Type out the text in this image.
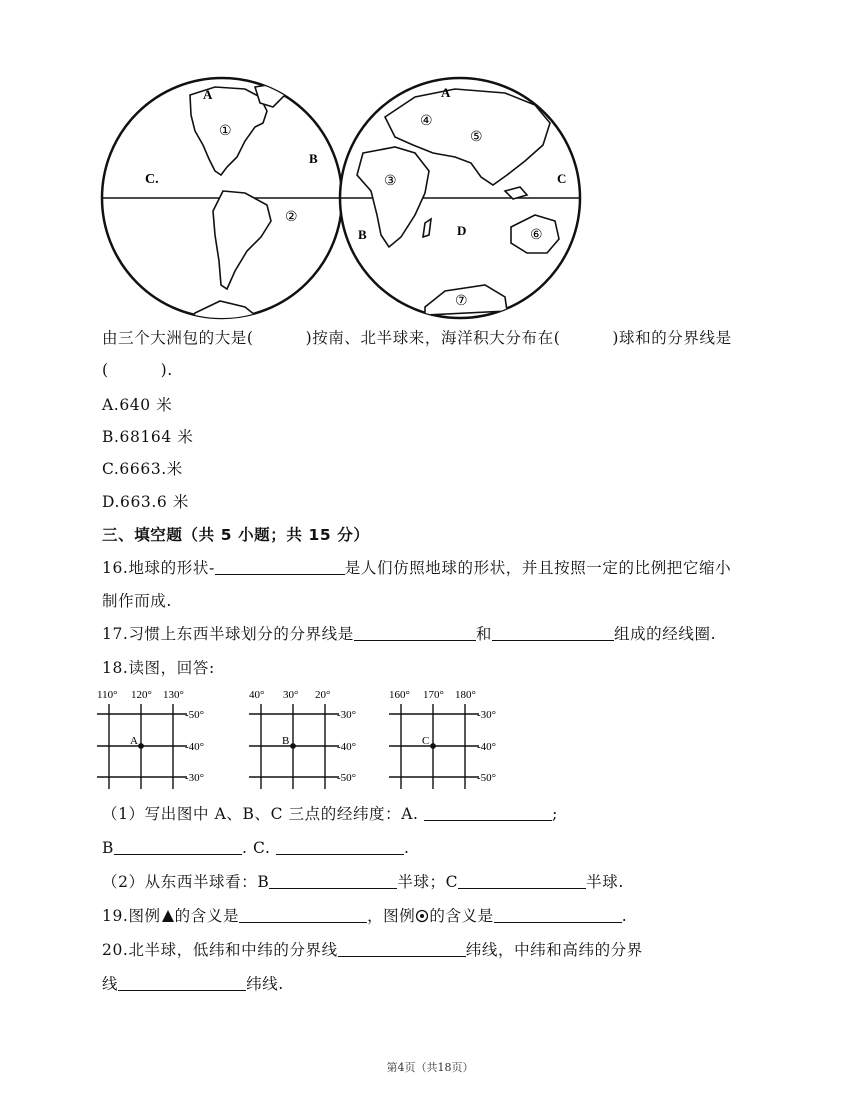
A
①
B
C.
②
A
④
⑤
③	C
B	D	⑥
⑦
由三个大洲包的大是(	)按南、北半球来，海洋积大分布在(	)球和的分界线是
(	).
A.640 米
B.68164 米
C.6663.米
D.663.6 米
三、填空题（共 5 小题；共 15 分）
16.地球的形状-	是人们仿照地球的形状，并且按照一定的比例把它缩小
制作而成.
17.习惯上东西半球划分的分界线是	和	组成的经线圈.
18.读图，回答:
110° 120° 130°
-50°
-40°
-30°
A
40° 30° 20°
-30°
-40°
-50°
B
160° 170° 180°
-30°
-40°
-50°
C
（1）写出图中 A、B、C 三点的经纬度：A.	;
B	. C.	.
（2）从东西半球看：B	半球；C	半球.
19.图例 的含义是	，图例 的含义是	.
20.北半球，低纬和中纬的分界线	纬线，中纬和高纬的分界
线	纬线.
第4页（共18页）
